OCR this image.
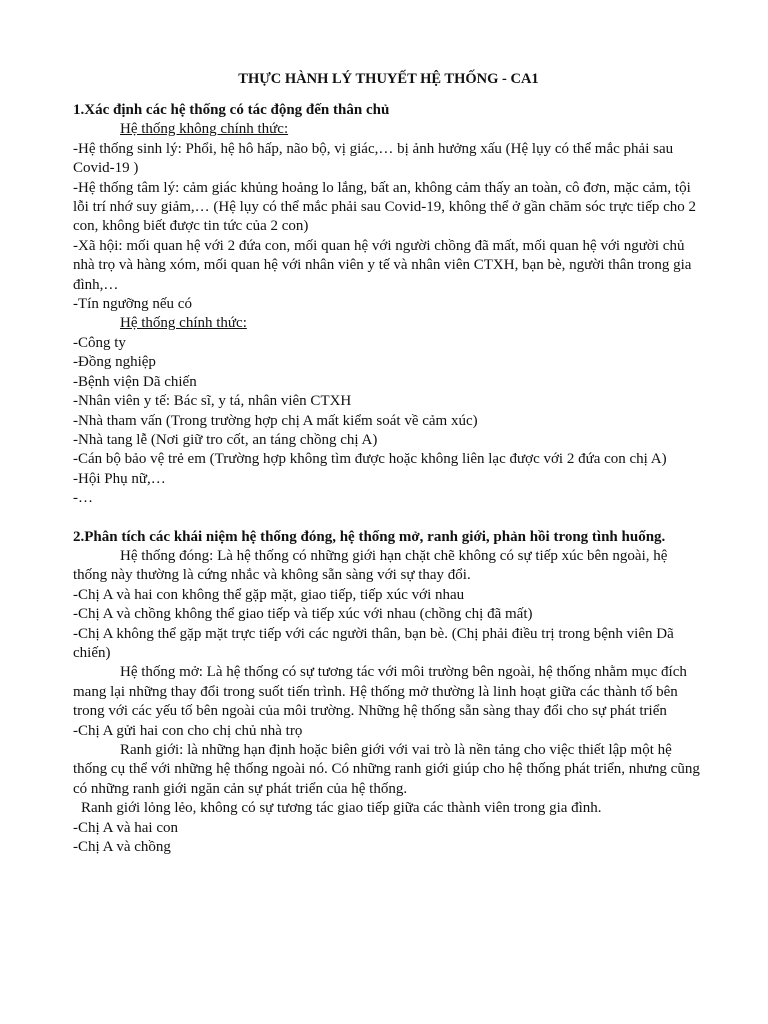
THỰC HÀNH LÝ THUYẾT HỆ THỐNG - CA1

1.Xác định các hệ thống có tác động đến thân chủ

Hệ thống không chính thức:

-Hệ thống sinh lý: Phổi, hệ hô hấp, não bộ, vị giác,… bị ảnh hưởng xấu (Hệ lụy có thể mắc phải sau Covid-19 )

-Hệ thống tâm lý: cảm giác khủng hoảng lo lắng, bất an, không cảm thấy an toàn, cô đơn, mặc cảm, tội lỗi trí nhớ suy giảm,… (Hệ lụy có thể mắc phải sau Covid-19, không thể ở gần chăm sóc trực tiếp cho 2 con, không biết được tin tức của 2 con)

-Xã hội: mối quan hệ với 2 đứa con, mối quan hệ với người chồng đã mất, mối quan hệ với người chủ nhà trọ và hàng xóm, mối quan hệ với nhân viên y tế và nhân viên CTXH, bạn bè, người thân trong gia đình,…

-Tín ngưỡng nếu có

Hệ thống chính thức:

-Công ty

-Đồng nghiệp

-Bệnh viện Dã chiến

-Nhân viên y tế: Bác sĩ, y tá, nhân viên CTXH

-Nhà tham vấn (Trong trường hợp chị A mất kiểm soát về cảm xúc)

-Nhà tang lễ (Nơi giữ tro cốt, an táng chồng chị A)

-Cán bộ bảo vệ trẻ em (Trường hợp không tìm được hoặc không liên lạc được với 2 đứa con chị A)

-Hội Phụ nữ,…

-…

2.Phân tích các khái niệm hệ thống đóng, hệ thống mở, ranh giới, phản hồi trong tình huống.

Hệ thống đóng: Là hệ thống có những giới hạn chặt chẽ không có sự tiếp xúc bên ngoài, hệ thống này thường là cứng nhắc và không sẵn sàng với sự thay đổi.

-Chị A và hai con không thể gặp mặt, giao tiếp, tiếp xúc với nhau

-Chị A và chồng không thể giao tiếp và tiếp xúc với nhau (chồng chị đã mất)

-Chị A không thể gặp mặt trực tiếp với các người thân, bạn bè. (Chị phải điều trị trong bệnh viên Dã chiến)

Hệ thống mở: Là hệ thống có sự tương tác với môi trường bên ngoài, hệ thống nhằm mục đích mang lại những thay đổi trong suốt tiến trình. Hệ thống mở thường là linh hoạt giữa các thành tố bên trong với các yếu tố bên ngoài của môi trường. Những hệ thống sẵn sàng thay đổi cho sự phát triển

-Chị A gửi hai con cho chị chủ nhà trọ

Ranh giới: là những hạn định hoặc biên giới với vai trò là nền tảng cho việc thiết lập một hệ thống cụ thể với những hệ thống ngoài nó. Có những ranh giới giúp cho hệ thống phát triển, nhưng cũng có những ranh giới ngăn cản sự phát triển của hệ thống.

Ranh giới lỏng lẻo, không có sự tương tác giao tiếp giữa các thành viên trong gia đình.

-Chị A và hai con

-Chị A và chồng
